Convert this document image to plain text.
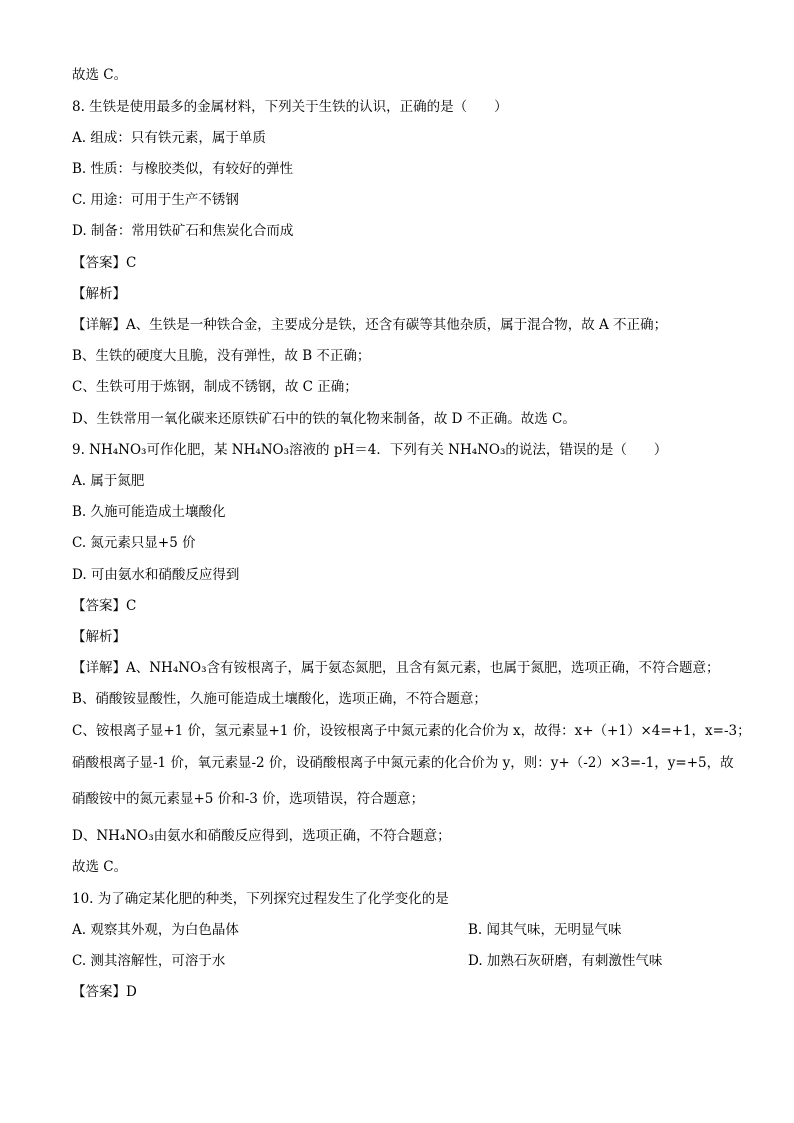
故选 C。
8. 生铁是使用最多的金属材料，下列关于生铁的认识，正确的是（　　）
A. 组成：只有铁元素，属于单质
B. 性质：与橡胶类似，有较好的弹性
C. 用途：可用于生产不锈钢
D. 制备：常用铁矿石和焦炭化合而成
【答案】C
【解析】
【详解】A、生铁是一种铁合金，主要成分是铁，还含有碳等其他杂质，属于混合物，故 A 不正确；
B、生铁的硬度大且脆，没有弹性，故 B 不正确；
C、生铁可用于炼钢，制成不锈钢，故 C 正确；
D、生铁常用一氧化碳来还原铁矿石中的铁的氧化物来制备，故 D 不正确。故选 C。
9. NH₄NO₃可作化肥，某 NH₄NO₃溶液的 pH＝4．下列有关 NH₄NO₃的说法，错误的是（　　）
A. 属于氮肥
B. 久施可能造成土壤酸化
C. 氮元素只显+5 价
D. 可由氨水和硝酸反应得到
【答案】C
【解析】
【详解】A、NH₄NO₃含有铵根离子，属于氨态氮肥，且含有氮元素，也属于氮肥，选项正确，不符合题意；
B、硝酸铵显酸性，久施可能造成土壤酸化，选项正确，不符合题意；
C、铵根离子显+1 价，氢元素显+1 价，设铵根离子中氮元素的化合价为 x，故得：x+（+1）×4=+1，x=-3；
硝酸根离子显-1 价，氧元素显-2 价，设硝酸根离子中氮元素的化合价为 y，则：y+（-2）×3=-1，y=+5，故
硝酸铵中的氮元素显+5 价和-3 价，选项错误，符合题意；
D、NH₄NO₃由氨水和硝酸反应得到，选项正确，不符合题意；
故选 C。
10. 为了确定某化肥的种类，下列探究过程发生了化学变化的是
A. 观察其外观，为白色晶体	B. 闻其气味，无明显气味
C. 测其溶解性，可溶于水	D. 加熟石灰研磨，有刺激性气味
【答案】D
